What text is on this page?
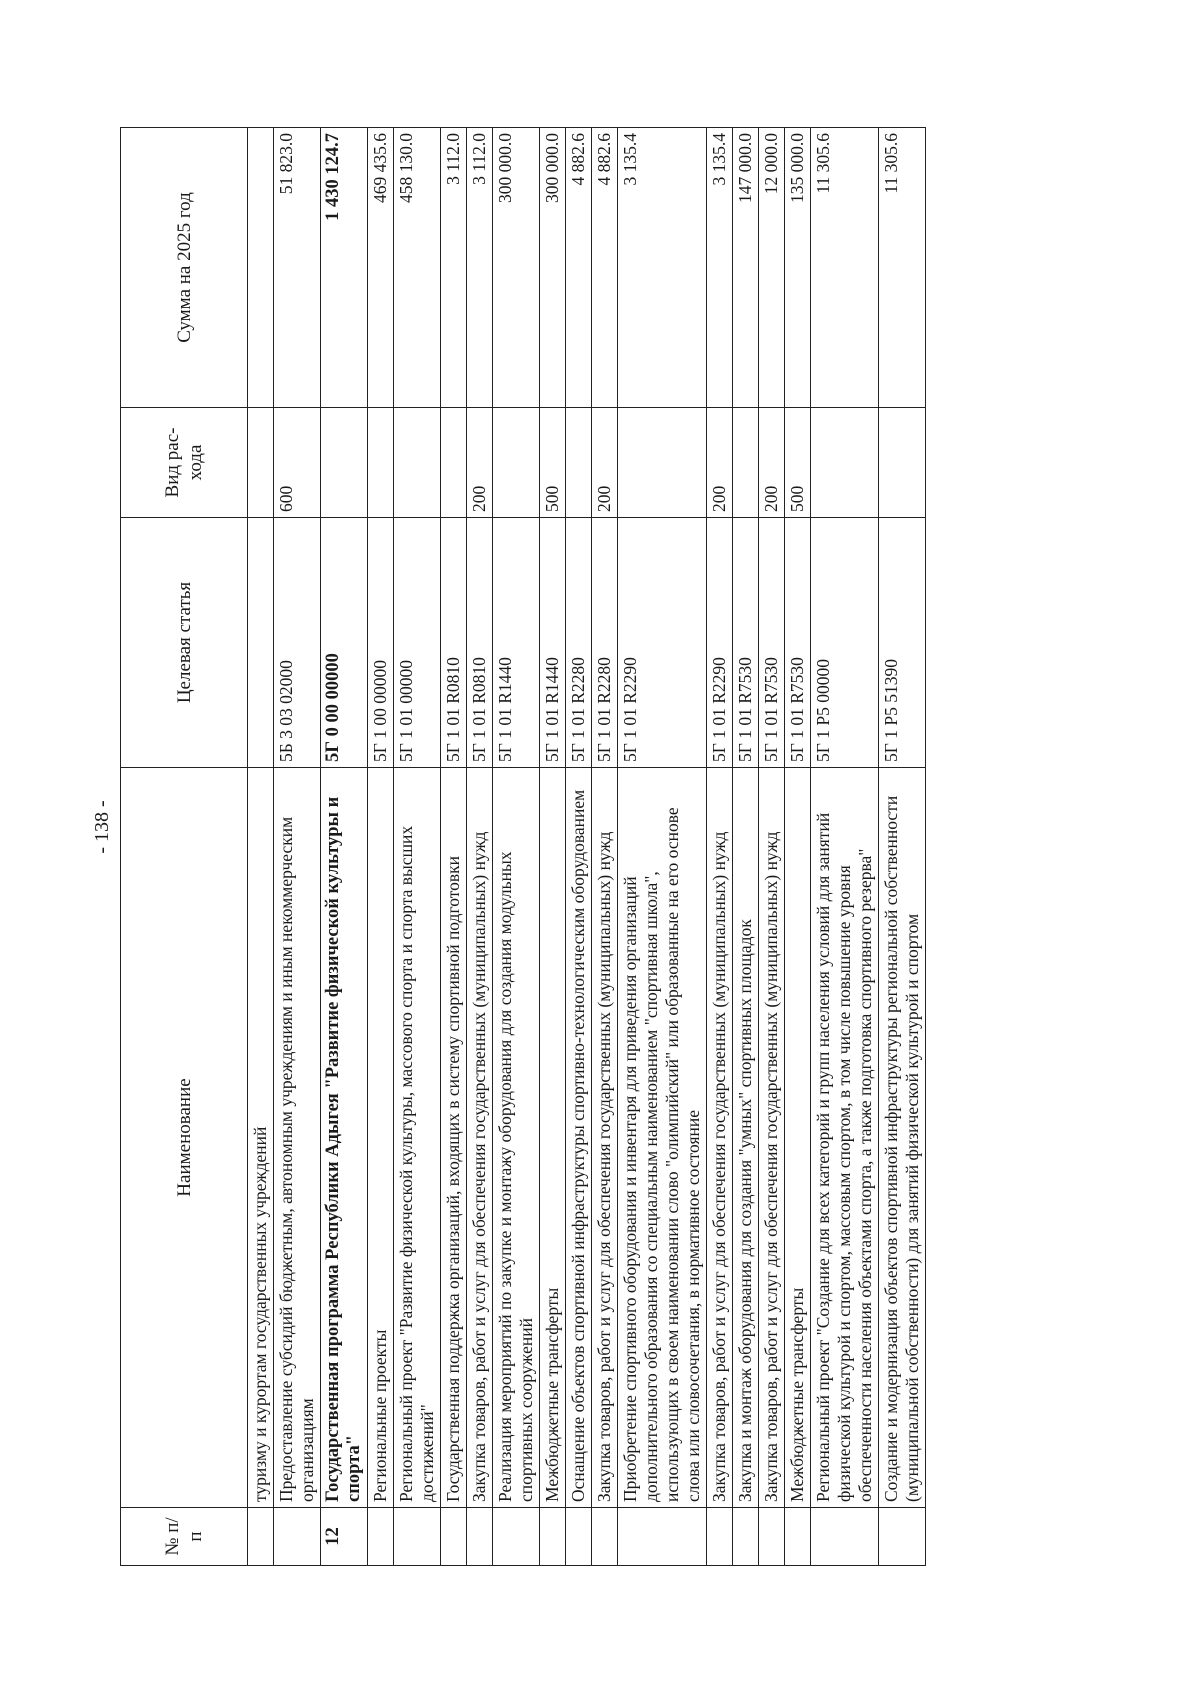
- 138 -
№ п/п	Наименование	Целевая статья	Вид рас- хода	Сумма на 2025 год
	туризму и курортам государственных учреждений			
	Предоставление субсидий бюджетным, автономным учреждениям и иным некоммерческим организациям	5Б 3 03 02000	600	51 823.0
12	Государственная программа Республики Адыгея "Развитие физической культуры и спорта"	5Г 0 00 00000		1 430 124.7
	Региональные проекты	5Г 1 00 00000		469 435.6
	Региональный проект "Развитие физической культуры, массового спорта и спорта высших достижений"	5Г 1 01 00000		458 130.0
	Государственная поддержка организаций, входящих в систему спортивной подготовки	5Г 1 01 R0810		3 112.0
	Закупка товаров, работ и услуг для обеспечения государственных (муниципальных) нужд	5Г 1 01 R0810	200	3 112.0
	Реализация мероприятий по закупке и монтажу оборудования для создания модульных спортивных сооружений	5Г 1 01 R1440		300 000.0
	Межбюджетные трансферты	5Г 1 01 R1440	500	300 000.0
	Оснащение объектов спортивной инфраструктуры спортивно-технологическим оборудованием	5Г 1 01 R2280		4 882.6
	Закупка товаров, работ и услуг для обеспечения государственных (муниципальных) нужд	5Г 1 01 R2280	200	4 882.6
	Приобретение спортивного оборудования и инвентаря для приведения организаций дополнительного образования со специальным наименованием "спортивная школа", использующих в своем наименовании слово "олимпийский" или образованные на его основе слова или словосочетания, в нормативное состояние	5Г 1 01 R2290		3 135.4
	Закупка товаров, работ и услуг для обеспечения государственных (муниципальных) нужд	5Г 1 01 R2290	200	3 135.4
	Закупка и монтаж оборудования для создания "умных" спортивных площадок	5Г 1 01 R7530		147 000.0
	Закупка товаров, работ и услуг для обеспечения государственных (муниципальных) нужд	5Г 1 01 R7530	200	12 000.0
	Межбюджетные трансферты	5Г 1 01 R7530	500	135 000.0
	Региональный проект "Создание для всех категорий и групп населения условий для занятий физической культурой и спортом, массовым спортом, в том числе повышение уровня обеспеченности населения объектами спорта, а также подготовка спортивного резерва"	5Г 1 Р5 00000		11 305.6
	Создание и модернизация объектов спортивной инфраструктуры региональной собственности (муниципальной собственности) для занятий физической культурой и спортом	5Г 1 Р5 51390		11 305.6
